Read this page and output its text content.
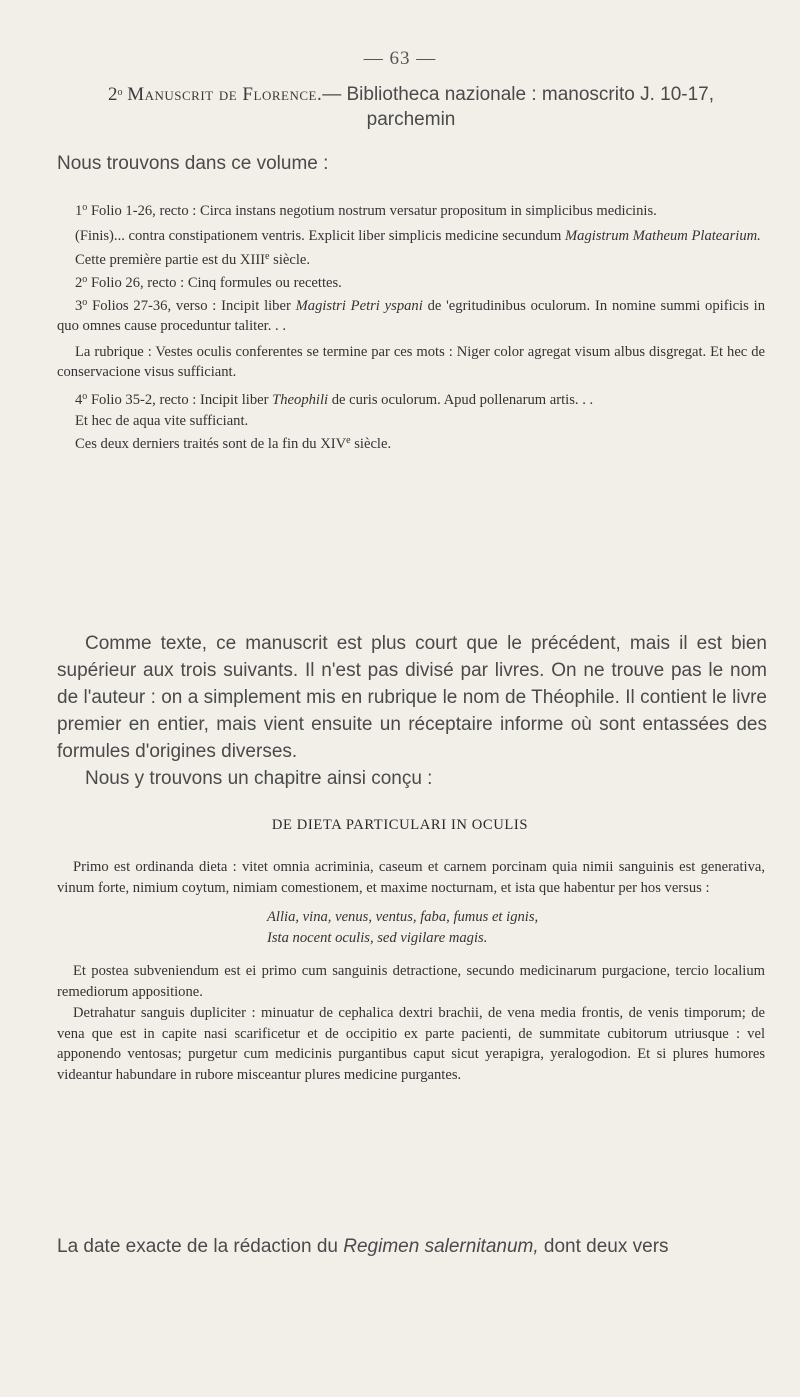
— 63 —
2$^o$ Manuscrit de Florence.— Bibliotheca nazionale : manoscrito J. 10-17,
parchemin
Nous trouvons dans ce volume :

1$^o$ Folio 1-26, recto : Circa instans negotium nostrum versatur propositum in simplicibus medicinis.

(Finis)... contra constipationem ventris. Explicit liber simplicis medicine secundum Magistrum Matheum Platearium.

Cette première partie est du XIIIe siècle.

2$^o$ Folio 26, recto : Cinq formules ou recettes.

3$^o$ Folios 27-36, verso : Incipit liber Magistri Petri yspani de 'egritudinibus oculorum. In nomine summi opificis in quo omnes cause proceduntur taliter. . .

La rubrique : Vestes oculis conferentes se termine par ces mots : Niger color agregat visum albus disgregat. Et hec de conservacione visus sufficiant.

4$^o$ Folio 35-2, recto : Incipit liber Theophili de curis oculorum. Apud pollenarum artis. . .

Et hec de aqua vite sufficiant.

Ces deux derniers traités sont de la fin du XIVe siècle.

Comme texte, ce manuscrit est plus court que le précédent, mais il est bien supérieur aux trois suivants. Il n'est pas divisé par livres. On ne trouve pas le nom de l'auteur : on a simplement mis en rubrique le nom de Théophile. Il contient le livre premier en entier, mais vient ensuite un réceptaire informe où sont entassées des formules d'origines diverses.

Nous y trouvons un chapitre ainsi conçu :

DE DIETA PARTICULARI IN OCULIS

Primo est ordinanda dieta : vitet omnia acriminia, caseum et carnem porcinam quia nimii sanguinis est generativa, vinum forte, nimium coytum, nimiam comestionem, et maxime nocturnam, et ista que habentur per hos versus :

Allia, vina, venus, ventus, faba, fumus et ignis,
Ista nocent oculis, sed vigilare magis.

Et postea subveniendum est ei primo cum sanguinis detractione, secundo medicinarum purgacione, tercio localium remediorum appositione.

Detrahatur sanguis dupliciter : minuatur de cephalica dextri brachii, de vena media frontis, de venis timporum; de vena que est in capite nasi scarificetur et de occipitio ex parte pacienti, de summitate cubitorum utriusque : vel apponendo ventosas; purgetur cum medicinis purgantibus caput sicut yerapigra, yeralogodion. Et si plures humores videantur habundare in rubore misceantur plures medicine purgantes.

La date exacte de la rédaction du Regimen salernitanum, dont deux vers
